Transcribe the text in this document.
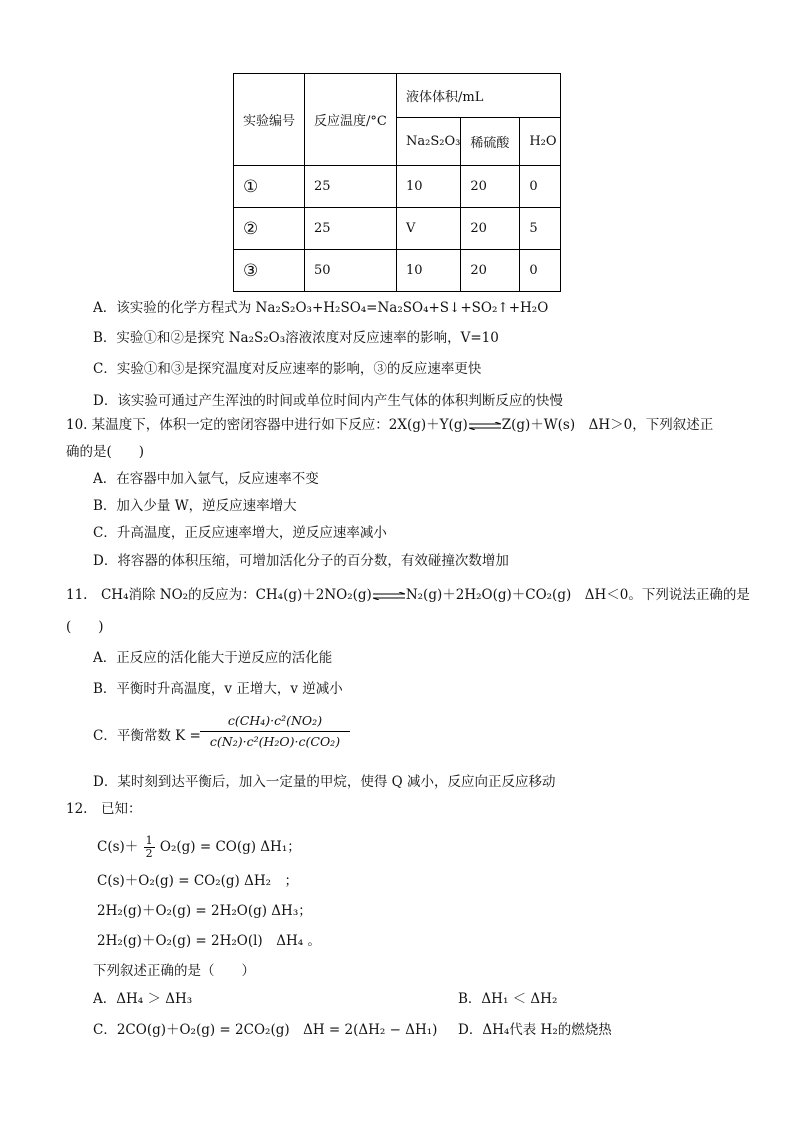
实验编号	反应温度/°C	液体体积/mL		
		Na₂S₂O₃	稀硫酸	H₂O
①	25	10	20	0
②	25	V	20	5
③	50	10	20	0
A．该实验的化学方程式为 Na₂S₂O₃+H₂SO₄=Na₂SO₄+S↓+SO₂↑+H₂O
B．实验①和②是探究 Na₂S₂O₃溶液浓度对反应速率的影响，V=10
C．实验①和③是探究温度对反应速率的影响，③的反应速率更快
D．该实验可通过产生浑浊的时间或单位时间内产生气体的体积判断反应的快慢
10. 某温度下，体积一定的密闭容器中进行如下反应：2X(g)＋Y(g)⇌Z(g)＋W(s)　ΔH＞0，下列叙述正
确的是(　　)
A．在容器中加入氩气，反应速率不变
B．加入少量 W，逆反应速率增大
C．升高温度，正反应速率增大，逆反应速率减小
D．将容器的体积压缩，可增加活化分子的百分数，有效碰撞次数增加
11.　CH₄消除 NO₂的反应为：CH₄(g)＋2NO₂(g)⇌N₂(g)＋2H₂O(g)＋CO₂(g)　ΔH＜0。下列说法正确的是
(　　)
A．正反应的活化能大于逆反应的活化能
B．平衡时升高温度，v 正增大，v 逆减小
C．平衡常数 K =
c(CH₄)·c²(NO₂)
c(N₂)·c²(H₂O)·c(CO₂)
D．某时刻到达平衡后，加入一定量的甲烷，使得 Q 减小，反应向正反应移动
12.　已知：
$C(s)+ \frac{1}{2} O_2(g) = CO(g)$ ΔH₁；
C(s)＋O₂(g) = CO₂(g) ΔH₂　；
2H₂(g)＋O₂(g) = 2H₂O(g) ΔH₃；
2H₂(g)＋O₂(g) = 2H₂O(l)　ΔH₄ 。
下列叙述正确的是（　　）
A．ΔH₄ ＞ ΔH₃	B．ΔH₁ ＜ ΔH₂
C．2CO(g)＋O₂(g) = 2CO₂(g)　ΔH = 2(ΔH₂ − ΔH₁) D．ΔH₄代表 H₂的燃烧热
